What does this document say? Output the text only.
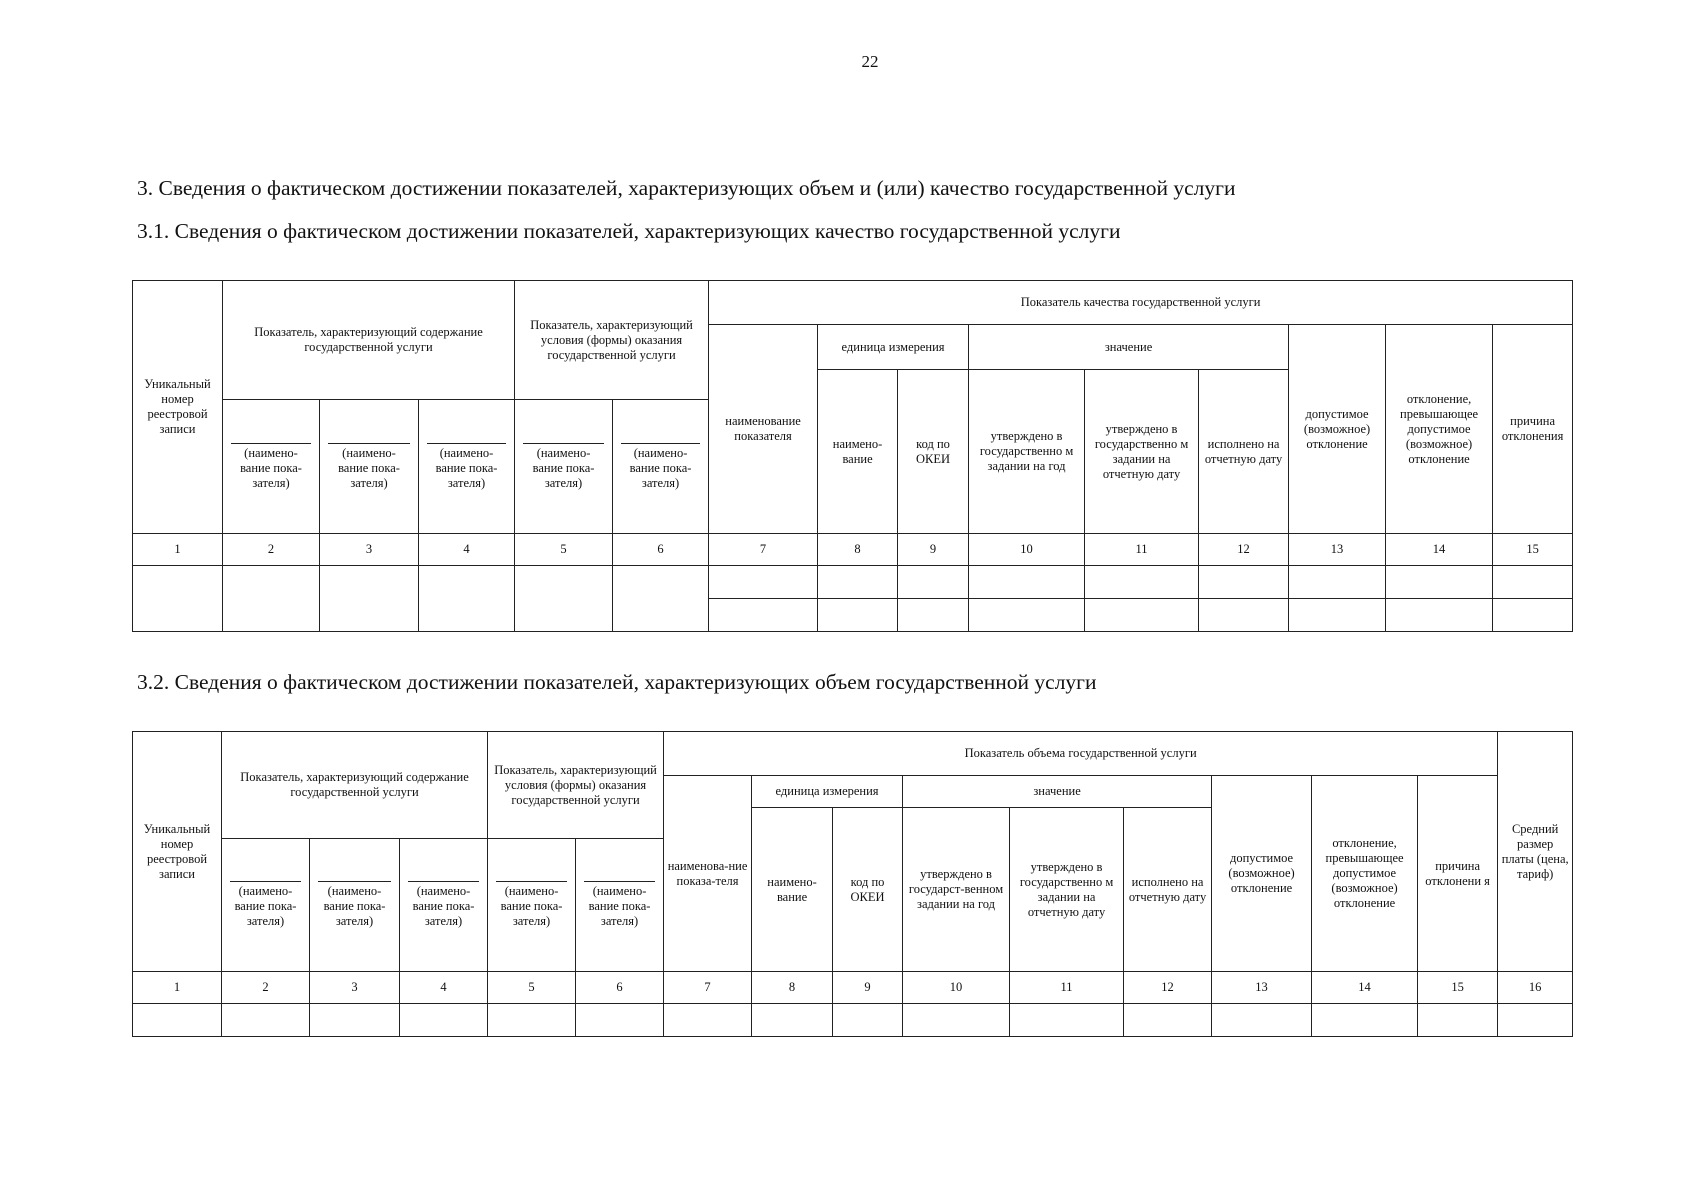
22
3. Сведения о фактическом достижении показателей, характеризующих объем и (или) качество государственной услуги
3.1. Сведения о фактическом достижении показателей, характеризующих качество государственной услуги
Уникальный номер реестровой записи	Показатель, характеризующий содержание государственной услуги			Показатель, характеризующий условия (формы) оказания государственной услуги		Показатель качества государственной услуги								
						наименование показателя	единица измерения		значение			допустимое (возможное) отклонение	отклонение, превышающее допустимое (возможное) отклонение	причина отклонения
							наимено-вание	код по ОКЕИ	утверждено в государственно м задании на год	утверждено в государственно м задании на отчетную дату	исполнено на отчетную дату			

	(наимено-вание пока-зателя)	(наимено-вание пока-зателя)	(наимено-вание пока-зателя)	(наимено-вание пока-зателя)	(наимено-вание пока-зателя)									

1	2	3	4	5	6	7	8	9	10	11	12	13	14	15

3.2. Сведения о фактическом достижении показателей, характеризующих объем государственной услуги
Уникальный номер реестровой записи	Показатель, характеризующий содержание государственной услуги			Показатель, характеризующий условия (формы) оказания государственной услуги		Показатель объема государственной услуги									Средний размер платы (цена, тариф)
						наименова-ние показа-теля	единица измерения		значение			допустимое (возможное) отклонение	отклонение, превышающее допустимое (возможное) отклонение	причина отклонени я	
							наимено-вание	код по ОКЕИ	утверждено в государст-венном задании на год	утверждено в государственно м задании на отчетную дату	исполнено на отчетную дату				

	(наимено-вание пока-зателя)	(наимено-вание пока-зателя)	(наимено-вание пока-зателя)	(наимено-вание пока-зателя)	(наимено-вание пока-зателя)										

1	2	3	4	5	6	7	8	9	10	11	12	13	14	15	16
